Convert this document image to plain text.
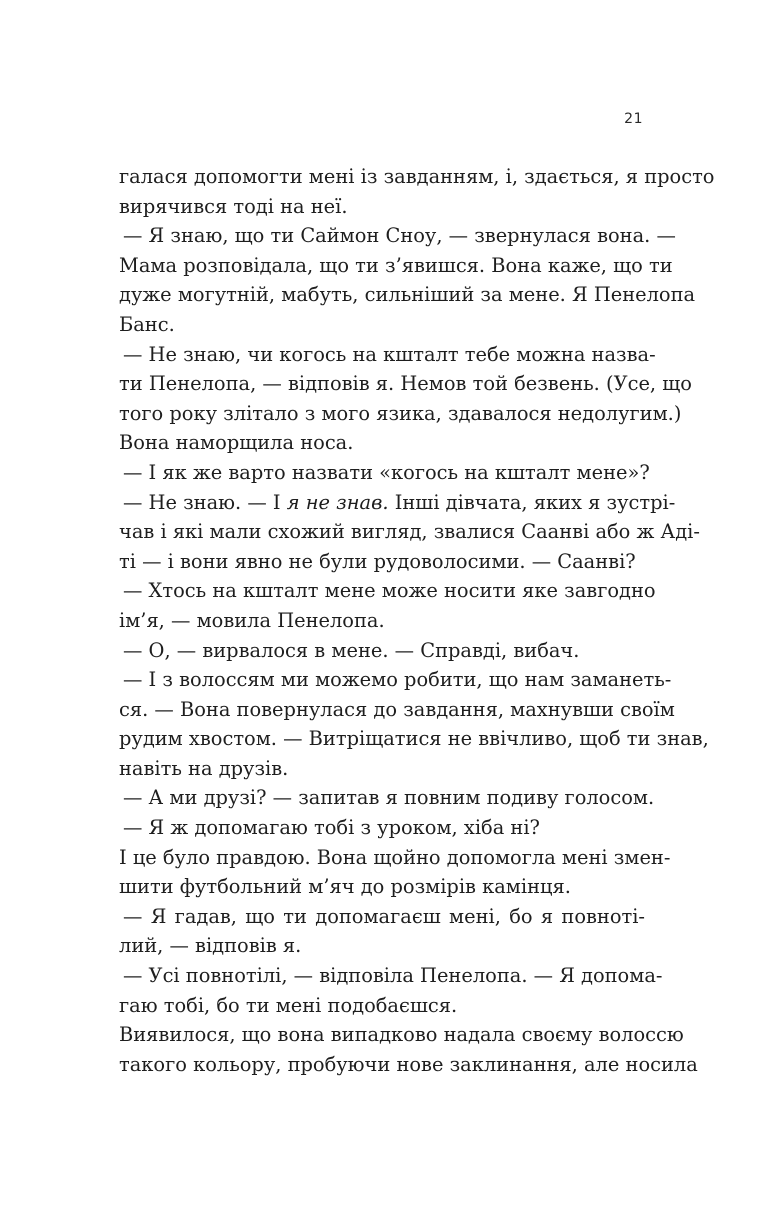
21
галася допомогти мені із завданням, і, здається, я просто
вирячився тоді на неї.
— Я знаю, що ти Саймон Сноу, — звернулася вона. —
Мама розповідала, що ти з’явишся. Вона каже, що ти
дуже могутній, мабуть, сильніший за мене. Я Пенелопа
Банс.
— Не знаю, чи когось на кшталт тебе можна назва-
ти Пенелопа, — відповів я. Немов той безвень. (Усе, що
того року злітало з мого язика, здавалося недолугим.)
Вона наморщила носа.
— І як же варто назвати «когось на кшталт мене»?
— Не знаю. — І я не знав. Інші дівчата, яких я зустрі-
чав і які мали схожий вигляд, звалися Саанві або ж Аді-
ті — і вони явно не були рудоволосими. — Саанві?
— Хтось на кшталт мене може носити яке завгодно
ім’я, — мовила Пенелопа.
— О, — вирвалося в мене. — Справді, вибач.
— І з волоссям ми можемо робити, що нам заманеть-
ся. — Вона повернулася до завдання, махнувши своїм
рудим хвостом. — Витріщатися не ввічливо, щоб ти знав,
навіть на друзів.
— А ми друзі? — запитав я повним подиву голосом.
— Я ж допомагаю тобі з уроком, хіба ні?
І це було правдою. Вона щойно допомогла мені змен-
шити футбольний м’яч до розмірів камінця.
— Я гадав, що ти допомагаєш мені, бо я повноті-
лий, — відповів я.
— Усі повнотілі, — відповіла Пенелопа. — Я допома-
гаю тобі, бо ти мені подобаєшся.
Виявилося, що вона випадково надала своєму волоссю
такого кольору, пробуючи нове заклинання, але носила
